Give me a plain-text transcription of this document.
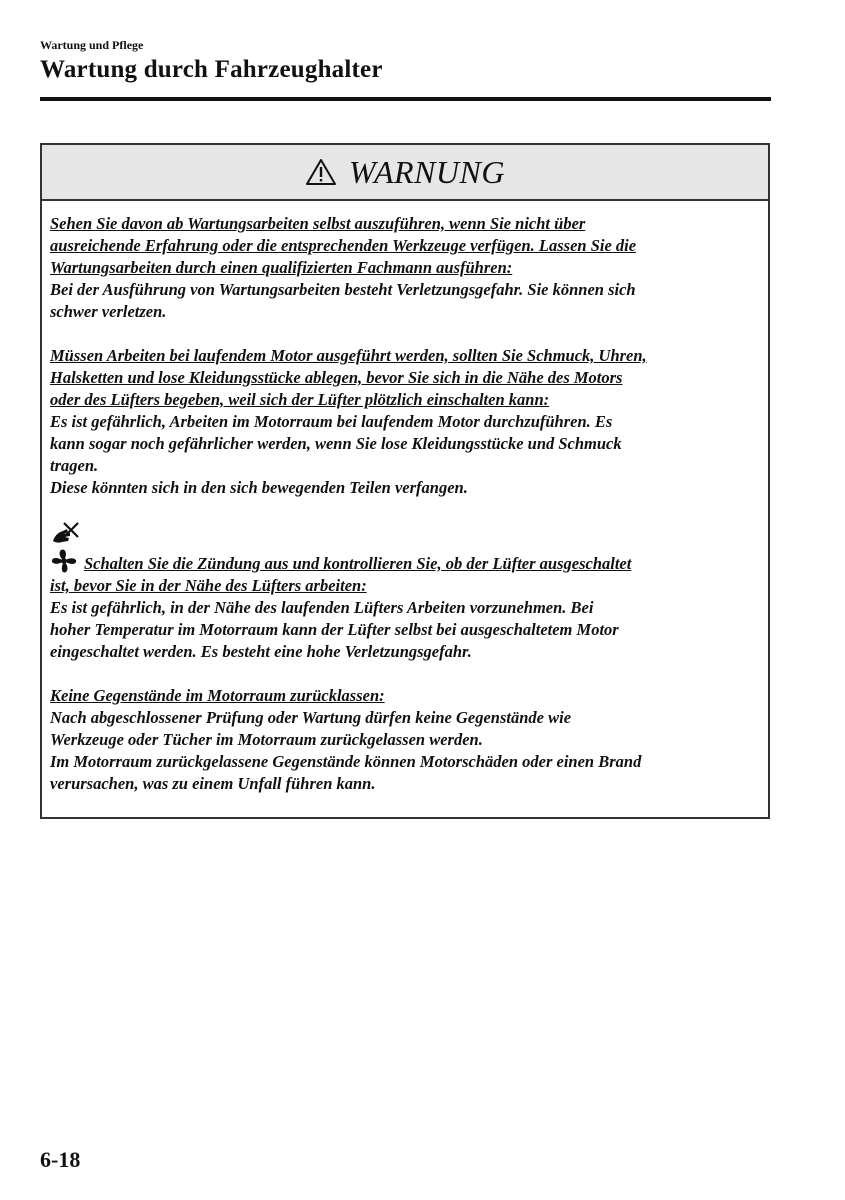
Wartung und Pflege
Wartung durch Fahrzeughalter
WARNUNG
Sehen Sie davon ab Wartungsarbeiten selbst auszuführen, wenn Sie nicht über
ausreichende Erfahrung oder die entsprechenden Werkzeuge verfügen. Lassen Sie die
Wartungsarbeiten durch einen qualifizierten Fachmann ausführen:
Bei der Ausführung von Wartungsarbeiten besteht Verletzungsgefahr. Sie können sich
schwer verletzen.
Müssen Arbeiten bei laufendem Motor ausgeführt werden, sollten Sie Schmuck, Uhren,
Halsketten und lose Kleidungsstücke ablegen, bevor Sie sich in die Nähe des Motors
oder des Lüfters begeben, weil sich der Lüfter plötzlich einschalten kann:
Es ist gefährlich, Arbeiten im Motorraum bei laufendem Motor durchzuführen. Es
kann sogar noch gefährlicher werden, wenn Sie lose Kleidungsstücke und Schmuck
tragen.
Diese könnten sich in den sich bewegenden Teilen verfangen.
Schalten Sie die Zündung aus und kontrollieren Sie, ob der Lüfter ausgeschaltet
ist, bevor Sie in der Nähe des Lüfters arbeiten:
Es ist gefährlich, in der Nähe des laufenden Lüfters Arbeiten vorzunehmen. Bei
hoher Temperatur im Motorraum kann der Lüfter selbst bei ausgeschaltetem Motor
eingeschaltet werden. Es besteht eine hohe Verletzungsgefahr.
Keine Gegenstände im Motorraum zurücklassen:
Nach abgeschlossener Prüfung oder Wartung dürfen keine Gegenstände wie
Werkzeuge oder Tücher im Motorraum zurückgelassen werden.
Im Motorraum zurückgelassene Gegenstände können Motorschäden oder einen Brand
verursachen, was zu einem Unfall führen kann.
6-18
